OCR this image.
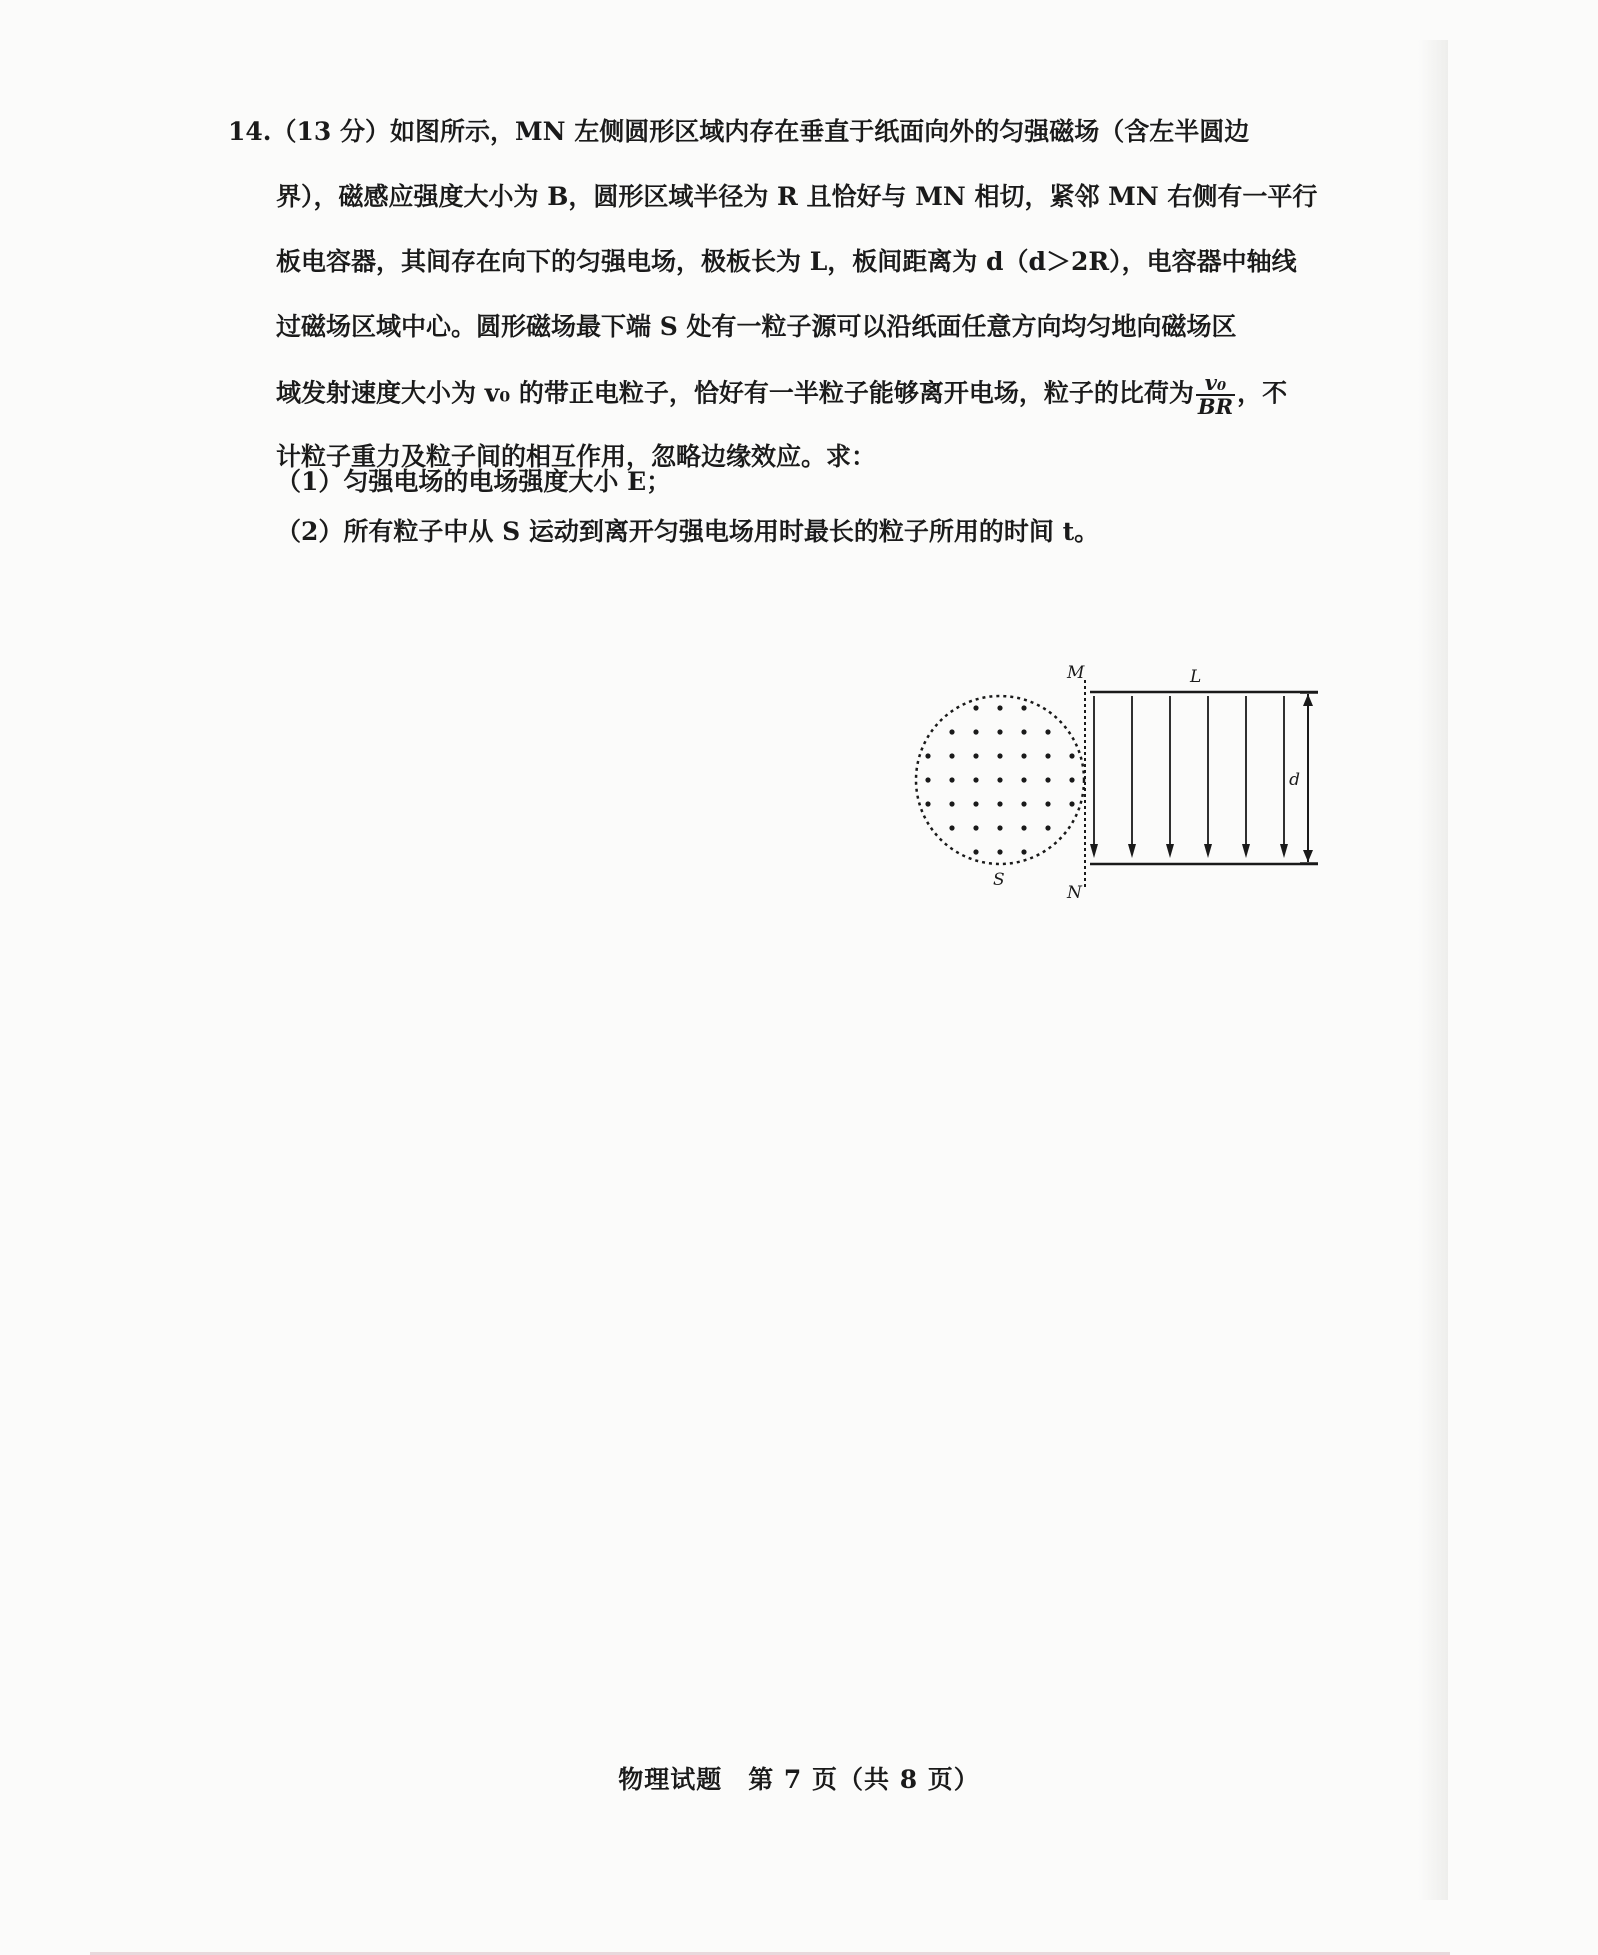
14.（13 分）如图所示，MN 左侧圆形区域内存在垂直于纸面向外的匀强磁场（含左半圆边
界），磁感应强度大小为 B，圆形区域半径为 R 且恰好与 MN 相切，紧邻 MN 右侧有一平行
板电容器，其间存在向下的匀强电场，极板长为 L，板间距离为 d（d＞2R），电容器中轴线
过磁场区域中心。圆形磁场最下端 S 处有一粒子源可以沿纸面任意方向均匀地向磁场区
域发射速度大小为 v₀ 的带正电粒子，恰好有一半粒子能够离开电场，粒子的比荷为 $\frac{\text{v₀}}{BR}$ ，不
计粒子重力及粒子间的相互作用，忽略边缘效应。求：
（1）匀强电场的电场强度大小 E；
（2）所有粒子中从 S 运动到离开匀强电场用时最长的粒子所用的时间 t。
M
N
L
d
S
物理试题　第 7 页（共 8 页）
